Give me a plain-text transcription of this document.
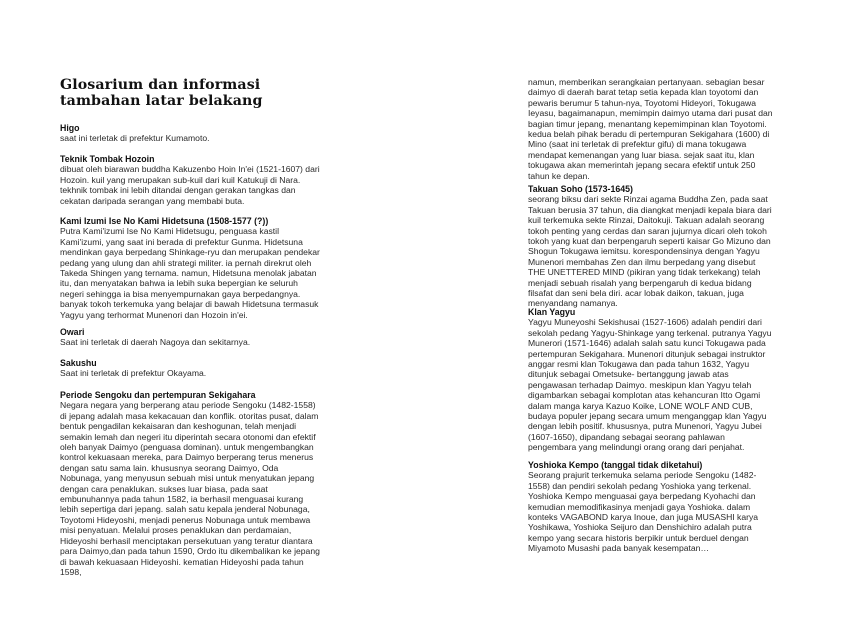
Glosarium dan informasi tambahan latar belakang
Higo
saat ini terletak di prefektur Kumamoto.
Teknik Tombak Hozoin
dibuat oleh biarawan buddha Kakuzenbo Hoin In'ei (1521-1607) dari Hozoin. kuil yang merupakan sub-kuil dari kuil Katukuji di Nara. tekhnik tombak ini lebih ditandai dengan gerakan tangkas dan cekatan daripada serangan yang membabi buta.
Kami Izumi Ise No Kami Hidetsuna (1508-1577 (?))
Putra Kami'izumi Ise No Kami Hidetsugu, penguasa kastil Kami'izumi, yang saat ini berada di prefektur Gunma. Hidetsuna mendinkan gaya berpedang Shinkage-ryu dan merupakan pendekar pedang yang ulung dan ahli strategi militer. ia pernah direkrut oleh Takeda Shingen yang ternama. namun, Hidetsuna menolak jabatan itu, dan menyatakan bahwa ia lebih suka bepergian ke seluruh negeri sehingga ia bisa menyempurnakan gaya berpedangnya. banyak tokoh terkemuka yang belajar di bawah Hidetsuna termasuk Yagyu yang terhormat Munenori dan Hozoin in'ei.
Owari
Saat ini terletak di daerah Nagoya dan sekitarnya.
Sakushu
Saat ini terletak di prefektur Okayama.
Periode Sengoku dan pertempuran Sekigahara
Negara negara yang berperang atau periode Sengoku (1482-1558) di jepang adalah masa kekacauan dan konflik. otoritas pusat, dalam bentuk pengadilan kekaisaran dan keshogunan, telah menjadi semakin lemah dan negeri itu diperintah secara otonomi dan efektif oleh banyak Daimyo (penguasa dominan). untuk mengembangkan kontrol kekuasaan mereka, para Daimyo berperang terus menerus dengan satu sama lain. khususnya seorang Daimyo, Oda Nobunaga, yang menyusun sebuah misi untuk menyatukan jepang dengan cara penaklukan. sukses luar biasa, pada saat embunuhannya pada tahun 1582, ia berhasil menguasai kurang lebih sepertiga dari jepang. salah satu kepala jenderal Nobunaga, Toyotomi Hideyoshi, menjadi penerus Nobunaga untuk membawa misi penyatuan. Melalui proses penaklukan dan perdamaian, Hideyoshi berhasil menciptakan persekutuan yang teratur diantara para Daimyo,dan pada tahun 1590, Ordo itu dikembalikan ke jepang di bawah kekuasaan Hideyoshi. kematian Hideyoshi pada tahun 1598,
namun, memberikan serangkaian pertanyaan. sebagian besar daimyo di daerah barat tetap setia kepada klan toyotomi dan pewaris berumur 5 tahun-nya, Toyotomi Hideyori, Tokugawa Ieyasu, bagaimanapun, memimpin daimyo utama dari pusat dan bagian timur jepang, menantang kepemimpinan klan Toyotomi. kedua belah pihak beradu di pertempuran Sekigahara (1600) di Mino (saat ini terletak di prefektur gifu) di mana tokugawa mendapat kemenangan yang luar biasa. sejak saat itu, klan tokugawa akan memerintah jepang secara efektif untuk 250 tahun ke depan.
Takuan Soho (1573-1645)
seorang biksu dari sekte Rinzai agama Buddha Zen, pada saat Takuan berusia 37 tahun, dia diangkat menjadi kepala biara dari kuil terkemuka sekte Rinzai, Daitokuji. Takuan adalah seorang tokoh penting yang cerdas dan saran jujurnya dicari oleh tokoh tokoh yang kuat dan berpengaruh seperti kaisar Go Mizuno dan Shogun Tokugawa iemitsu. korespondensinya dengan Yagyu Munenori membahas Zen dan ilmu berpedang yang disebut THE UNETTERED MIND (pikiran yang tidak terkekang) telah menjadi sebuah risalah yang berpengaruh di kedua bidang filsafat dan seni bela diri. acar lobak daikon, takuan, juga menyandang namanya.
Klan Yagyu
Yagyu Muneyoshi Sekishusai (1527-1606) adalah pendiri dari sekolah pedang Yagyu-Shinkage yang terkenal. putranya Yagyu Munerori (1571-1646) adalah salah satu kunci Tokugawa pada pertempuran Sekigahara. Munenori ditunjuk sebagai instruktor anggar resmi klan Tokugawa dan pada tahun 1632, Yagyu ditunjuk sebagai Ometsuke- bertanggung jawab atas pengawasan terhadap Daimyo. meskipun klan Yagyu telah digambarkan sebagai komplotan atas kehancuran Itto Ogami dalam manga karya Kazuo Koike, LONE WOLF AND CUB, budaya populer jepang secara umum menganggap klan Yagyu dengan lebih positif. khususnya, putra Munenori, Yagyu Jubei (1607-1650), dipandang sebagai seorang pahlawan pengembara yang melindungi orang orang dari penjahat.
Yoshioka Kempo (tanggal tidak diketahui)
Seorang prajurit terkemuka selama periode Sengoku (1482-1558) dan pendiri sekolah pedang Yoshioka yang terkenal. Yoshioka Kempo menguasai gaya berpedang Kyohachi dan kemudian memodifikasinya menjadi gaya Yoshioka. dalam konteks VAGABOND karya Inoue, dan juga MUSASHI karya Yoshikawa, Yoshioka Seijuro dan Denshichiro adalah putra kempo yang secara historis berpikir untuk berduel dengan Miyamoto Musashi pada banyak kesempatan…
